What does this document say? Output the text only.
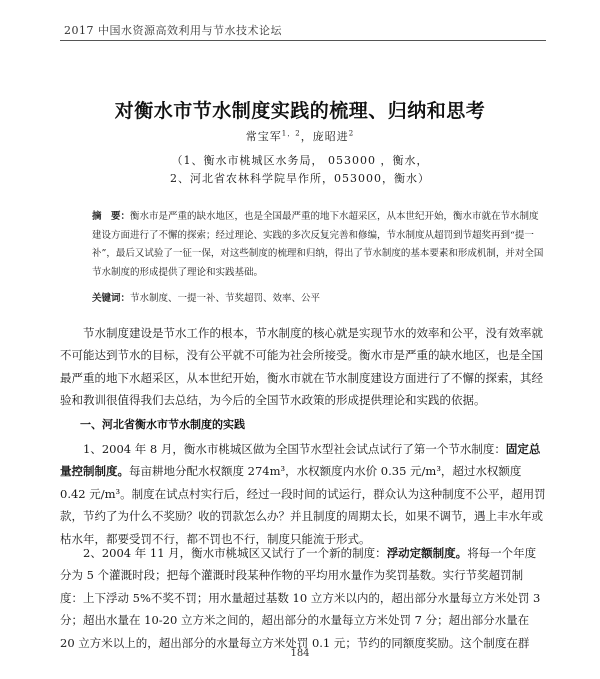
2017 中国水资源高效利用与节水技术论坛
对衡水市节水制度实践的梳理、归纳和思考
常宝军$^{1,2}$，庞昭进$^2$
（1、衡水市桃城区水务局， 053000 ，衡水，
2、河北省农林科学院旱作所，053000，衡水）
摘　要：衡水市是严重的缺水地区，也是全国最严重的地下水超采区，从本世纪开始，衡水市就在节水制度建设方面进行了不懈的探索；经过理论、实践的多次反复完善和修编，节水制度从超罚到节超奖再到“提一补”，最后又试验了一征一保，对这些制度的梳理和归纳，得出了节水制度的基本要素和形成机制，并对全国节水制度的形成提供了理论和实践基础。
关键词：节水制度、一提一补、节奖超罚、效率、公平
节水制度建设是节水工作的根本，节水制度的核心就是实现节水的效率和公平，没有效率就不可能达到节水的目标，没有公平就不可能为社会所接受。衡水市是严重的缺水地区，也是全国最严重的地下水超采区，从本世纪开始，衡水市就在节水制度建设方面进行了不懈的探索，其经验和教训很值得我们去总结，为今后的全国节水政策的形成提供理论和实践的依据。
一、河北省衡水市节水制度的实践
1、2004 年 8 月，衡水市桃城区做为全国节水型社会试点试行了第一个节水制度：固定总量控制制度。每亩耕地分配水权额度 274m³，水权额度内水价 0.35 元/m³，超过水权额度 0.42 元/m³。制度在试点村实行后，经过一段时间的试运行，群众认为这种制度不公平，超用罚款，节约了为什么不奖励？收的罚款怎么办？并且制度的周期太长，如果不调节，遇上丰水年或枯水年，都要受罚不行，都不罚也不行，制度只能流于形式。
2、2004 年 11 月，衡水市桃城区又试行了一个新的制度：浮动定额制度。将每一个年度分为 5 个灌溉时段；把每个灌溉时段某种作物的平均用水量作为奖罚基数。实行节奖超罚制度：上下浮动 5%不奖不罚；用水量超过基数 10 立方米以内的，超出部分水量每立方米处罚 3 分；超出水量在 10-20 立方米之间的，超出部分的水量每立方米处罚 7 分；超出部分水量在 20 立方米以上的，超出部分的水量每立方米处罚 0.1 元；节约的同额度奖励。这个制度在群
184
